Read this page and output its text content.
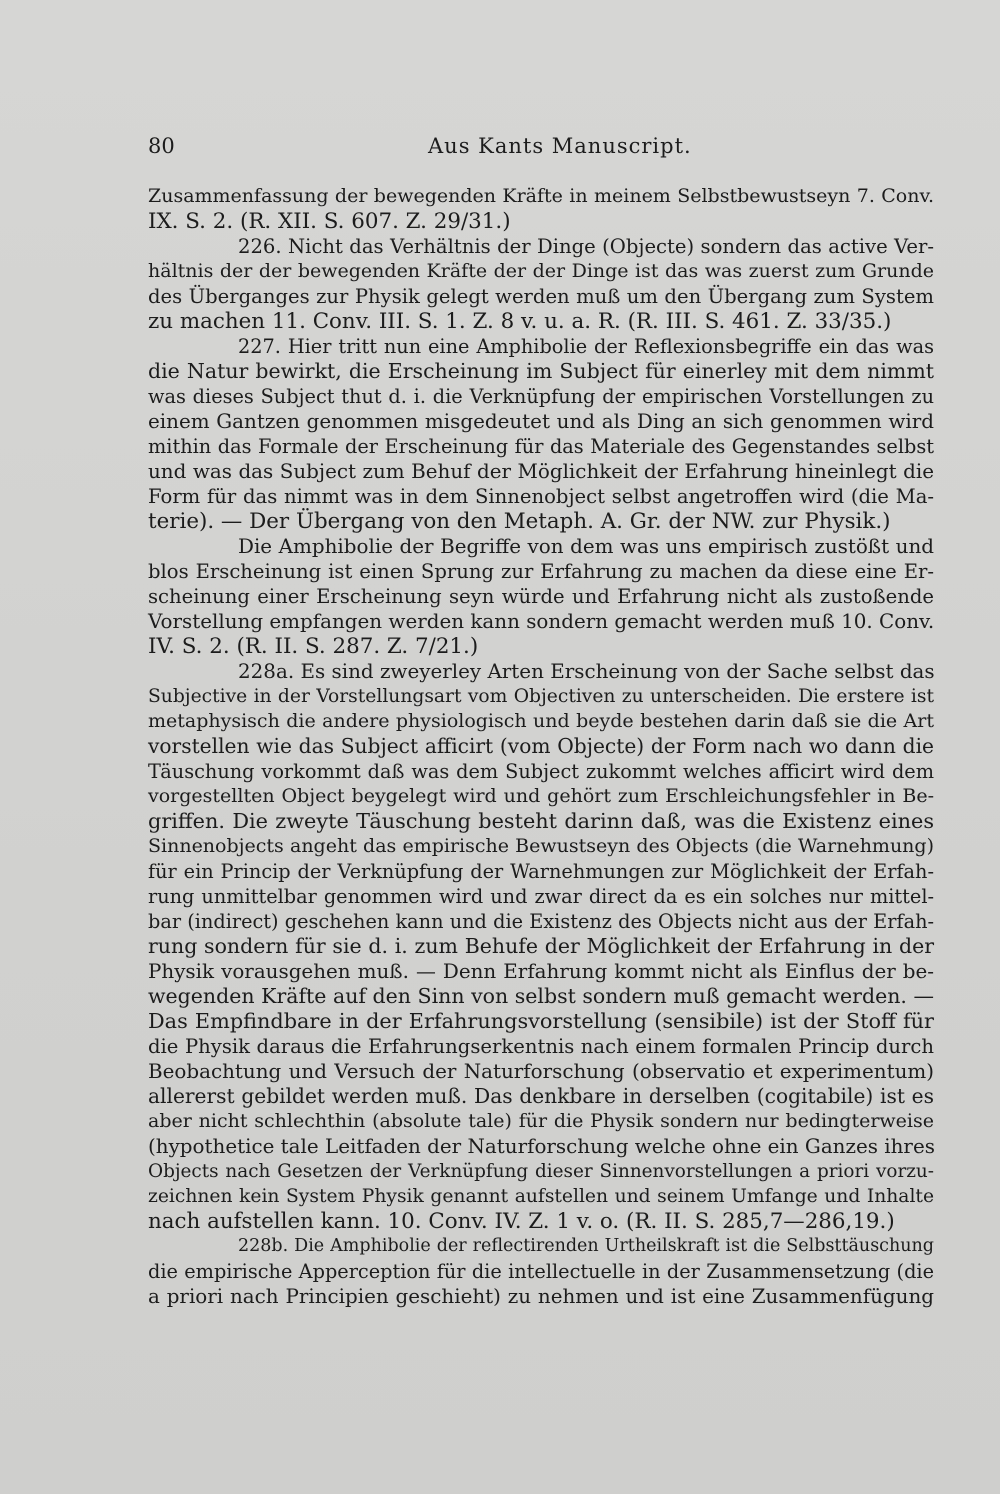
80	Aus Kants Manuscript.
Zusammenfassung der bewegenden Kräfte in meinem Selbstbewustseyn 7. Conv.
IX. S. 2. (R. XII. S. 607. Z. 29/31.)
226. Nicht das Verhältnis der Dinge (Objecte) sondern das active Ver-
hältnis der der bewegenden Kräfte der der Dinge ist das was zuerst zum Grunde
des Überganges zur Physik gelegt werden muß um den Übergang zum System
zu machen 11. Conv. III. S. 1. Z. 8 v. u. a. R. (R. III. S. 461. Z. 33/35.)
227. Hier tritt nun eine Amphibolie der Reflexionsbegriffe ein das was
die Natur bewirkt, die Erscheinung im Subject für einerley mit dem nimmt
was dieses Subject thut d. i. die Verknüpfung der empirischen Vorstellungen zu
einem Gantzen genommen misgedeutet und als Ding an sich genommen wird
mithin das Formale der Erscheinung für das Materiale des Gegenstandes selbst
und was das Subject zum Behuf der Möglichkeit der Erfahrung hineinlegt die
Form für das nimmt was in dem Sinnenobject selbst angetroffen wird (die Ma-
terie). — Der Übergang von den Metaph. A. Gr. der NW. zur Physik.)
Die Amphibolie der Begriffe von dem was uns empirisch zustößt und
blos Erscheinung ist einen Sprung zur Erfahrung zu machen da diese eine Er-
scheinung einer Erscheinung seyn würde und Erfahrung nicht als zustoßende
Vorstellung empfangen werden kann sondern gemacht werden muß 10. Conv.
IV. S. 2. (R. II. S. 287. Z. 7/21.)
228a. Es sind zweyerley Arten Erscheinung von der Sache selbst das
Subjective in der Vorstellungsart vom Objectiven zu unterscheiden. Die erstere ist
metaphysisch die andere physiologisch und beyde bestehen darin daß sie die Art
vorstellen wie das Subject afficirt (vom Objecte) der Form nach wo dann die
Täuschung vorkommt daß was dem Subject zukommt welches afficirt wird dem
vorgestellten Object beygelegt wird und gehört zum Erschleichungsfehler in Be-
griffen. Die zweyte Täuschung besteht darinn daß, was die Existenz eines
Sinnenobjects angeht das empirische Bewustseyn des Objects (die Warnehmung)
für ein Princip der Verknüpfung der Warnehmungen zur Möglichkeit der Erfah-
rung unmittelbar genommen wird und zwar direct da es ein solches nur mittel-
bar (indirect) geschehen kann und die Existenz des Objects nicht aus der Erfah-
rung sondern für sie d. i. zum Behufe der Möglichkeit der Erfahrung in der
Physik vorausgehen muß. — Denn Erfahrung kommt nicht als Einflus der be-
wegenden Kräfte auf den Sinn von selbst sondern muß gemacht werden. —
Das Empfindbare in der Erfahrungsvorstellung (sensibile) ist der Stoff für
die Physik daraus die Erfahrungserkentnis nach einem formalen Princip durch
Beobachtung und Versuch der Naturforschung (observatio et experimentum)
allererst gebildet werden muß. Das denkbare in derselben (cogitabile) ist es
aber nicht schlechthin (absolute tale) für die Physik sondern nur bedingterweise
(hypothetice tale Leitfaden der Naturforschung welche ohne ein Ganzes ihres
Objects nach Gesetzen der Verknüpfung dieser Sinnenvorstellungen a priori vorzu-
zeichnen kein System Physik genannt aufstellen und seinem Umfange und Inhalte
nach aufstellen kann. 10. Conv. IV. Z. 1 v. o. (R. II. S. 285,7—286,19.)
228b. Die Amphibolie der reflectirenden Urtheilskraft ist die Selbsttäuschung
die empirische Apperception für die intellectuelle in der Zusammensetzung (die
a priori nach Principien geschieht) zu nehmen und ist eine Zusammenfügung
